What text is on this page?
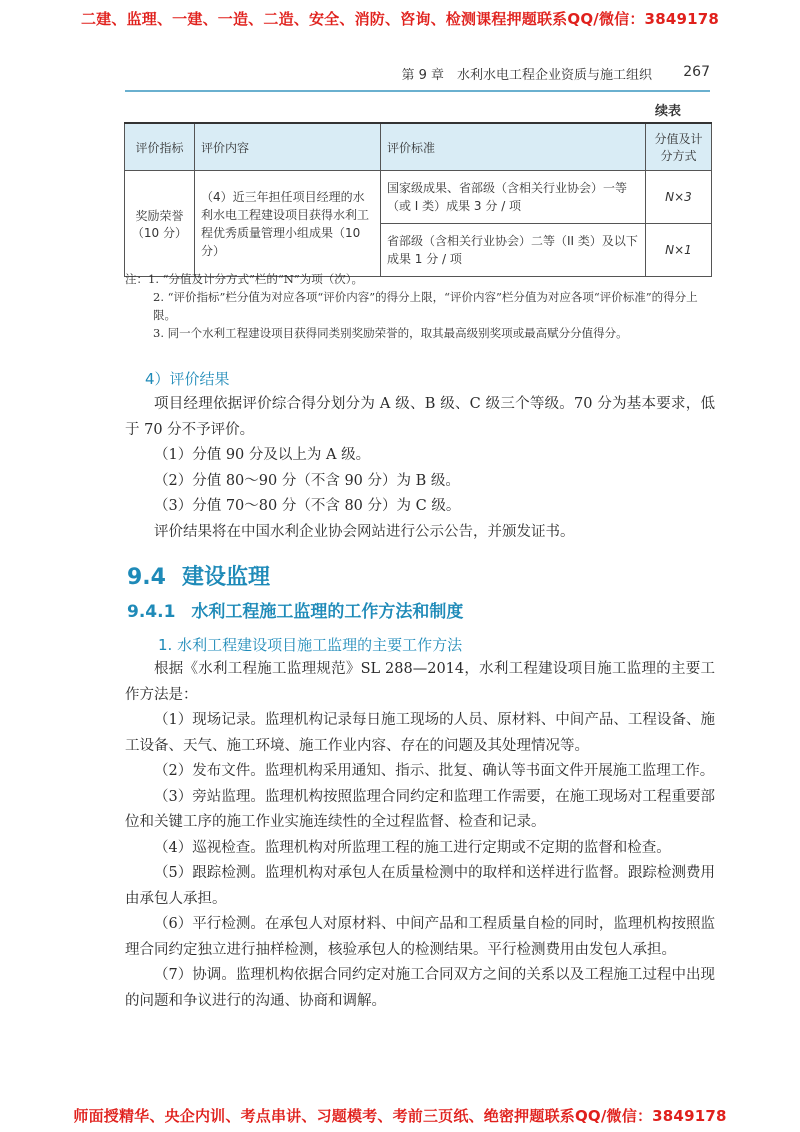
二建、监理、一建、一造、二造、安全、消防、咨询、检测课程押题联系QQ/微信：3849178
第 9 章　水利水电工程企业资质与施工组织 267
续表
评价指标	评价内容	评价标准	分值及计分方式
奖励荣誉（10 分）	（4）近三年担任项目经理的水利水电工程建设项目获得水利工程优秀质量管理小组成果（10 分）	国家级成果、省部级（含相关行业协会）一等（或 I 类）成果 3 分 / 项	N×3
		省部级（含相关行业协会）二等（II 类）及以下成果 1 分 / 项	N×1

注：1. “分值及计分方式”栏的“N”为项（次）。

2. “评价指标”栏分值为对应各项“评价内容”的得分上限，“评价内容”栏分值为对应各项“评价标准”的得分上限。

3. 同一个水利工程建设项目获得同类别奖励荣誉的，取其最高级别奖项或最高赋分分值得分。

4）评价结果

项目经理依据评价综合得分划分为 A 级、B 级、C 级三个等级。70 分为基本要求，低于 70 分不予评价。

（1）分值 90 分及以上为 A 级。

（2）分值 80～90 分（不含 90 分）为 B 级。

（3）分值 70～80 分（不含 80 分）为 C 级。

评价结果将在中国水利企业协会网站进行公示公告，并颁发证书。

9.4 建设监理
9.4.1 水利工程施工监理的工作方法和制度
1. 水利工程建设项目施工监理的主要工作方法

根据《水利工程施工监理规范》SL 288—2014，水利工程建设项目施工监理的主要工作方法是：

（1）现场记录。监理机构记录每日施工现场的人员、原材料、中间产品、工程设备、施工设备、天气、施工环境、施工作业内容、存在的问题及其处理情况等。

（2）发布文件。监理机构采用通知、指示、批复、确认等书面文件开展施工监理工作。

（3）旁站监理。监理机构按照监理合同约定和监理工作需要，在施工现场对工程重要部位和关键工序的施工作业实施连续性的全过程监督、检查和记录。

（4）巡视检查。监理机构对所监理工程的施工进行定期或不定期的监督和检查。

（5）跟踪检测。监理机构对承包人在质量检测中的取样和送样进行监督。跟踪检测费用由承包人承担。

（6）平行检测。在承包人对原材料、中间产品和工程质量自检的同时，监理机构按照监理合同约定独立进行抽样检测，核验承包人的检测结果。平行检测费用由发包人承担。

（7）协调。监理机构依据合同约定对施工合同双方之间的关系以及工程施工过程中出现的问题和争议进行的沟通、协商和调解。

师面授精华、央企内训、考点串讲、习题模考、考前三页纸、绝密押题联系QQ/微信：3849178
